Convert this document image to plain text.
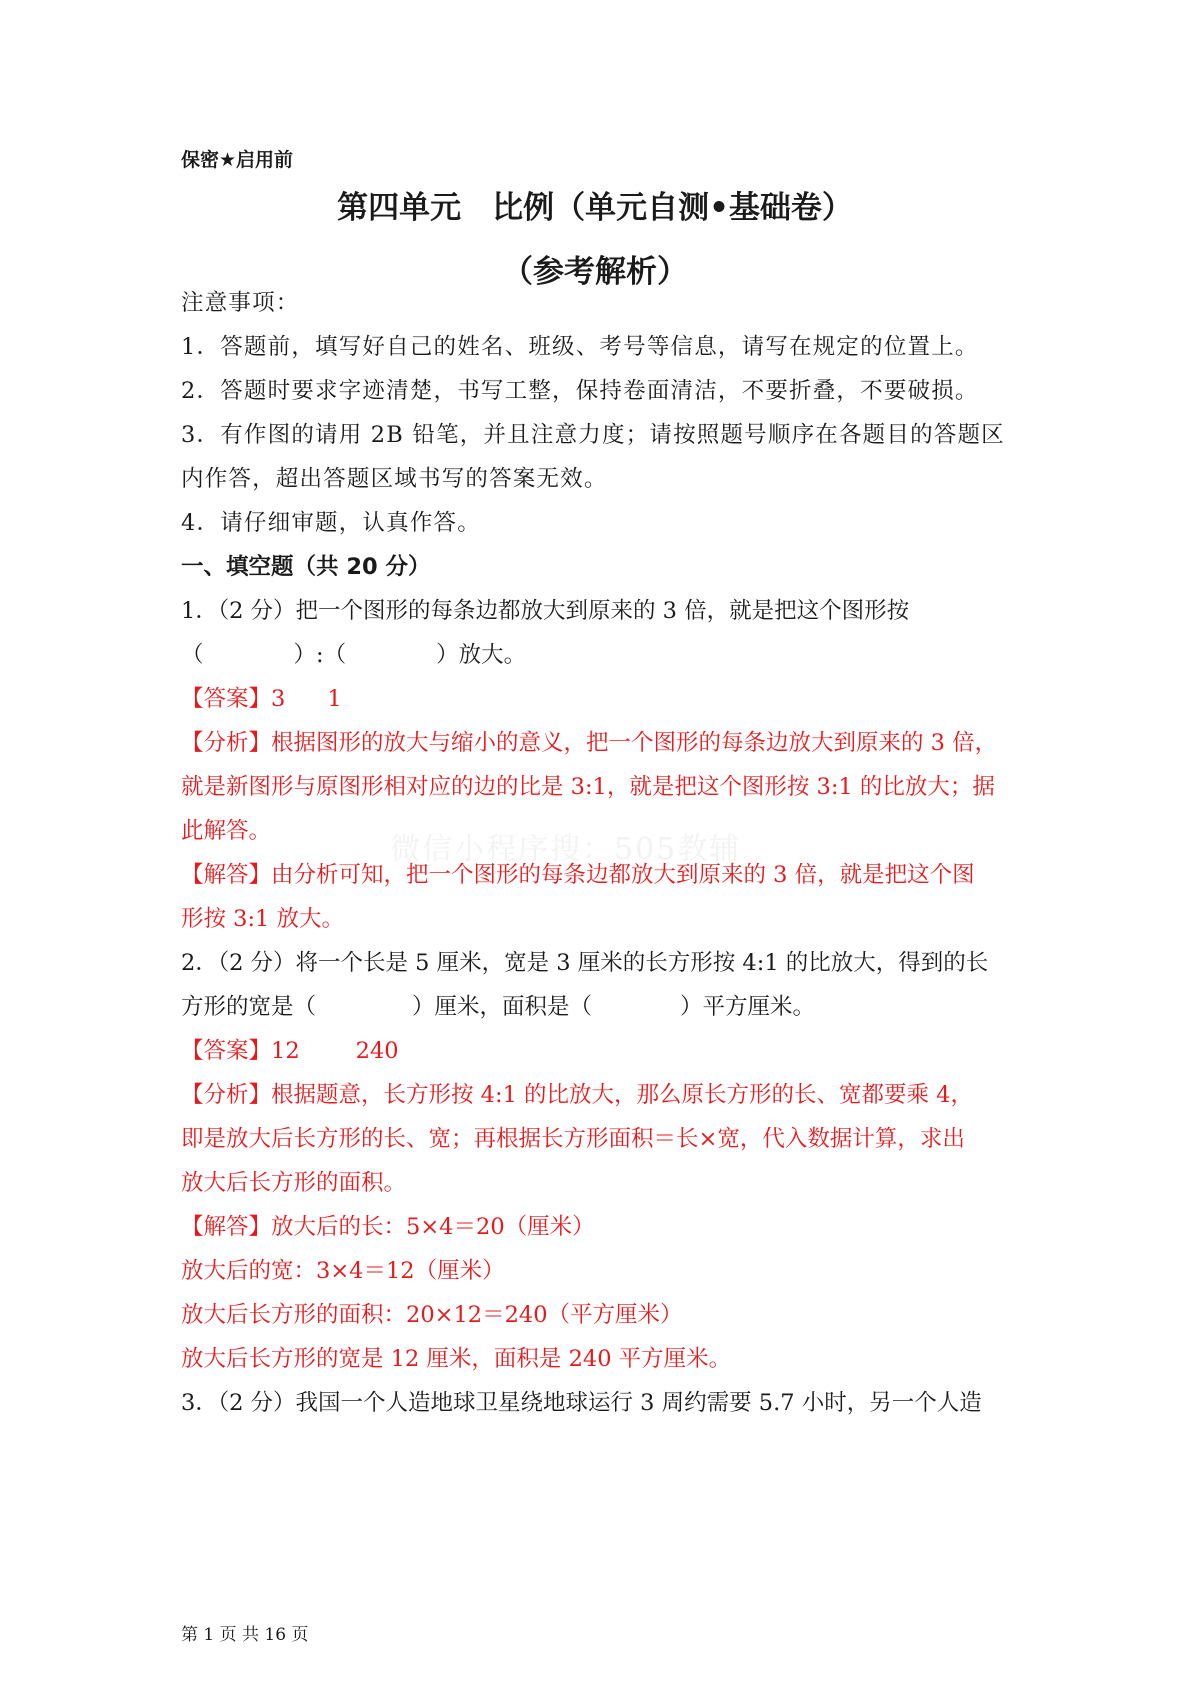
保密★启用前
第四单元　比例（单元自测•基础卷）
（参考解析）
注意事项：
1．答题前，填写好自己的姓名、班级、考号等信息，请写在规定的位置上。
2．答题时要求字迹清楚，书写工整，保持卷面清洁，不要折叠，不要破损。
3．有作图的请用 2B 铅笔，并且注意力度；请按照题号顺序在各题目的答题区
内作答，超出答题区域书写的答案无效。
4．请仔细审题，认真作答。
一、填空题（共 20 分）
1．（2 分）把一个图形的每条边都放大到原来的 3 倍，就是把这个图形按
（	）:（	）放大。
【答案】3 1
【分析】根据图形的放大与缩小的意义，把一个图形的每条边放大到原来的 3 倍，
就是新图形与原图形相对应的边的比是 3:1，就是把这个图形按 3:1 的比放大；据
此解答。
【解答】由分析可知，把一个图形的每条边都放大到原来的 3 倍，就是把这个图
形按 3:1 放大。
2．（2 分）将一个长是 5 厘米，宽是 3 厘米的长方形按 4:1 的比放大，得到的长
方形的宽是（	）厘米，面积是（	）平方厘米。
【答案】12 240
【分析】根据题意，长方形按 4:1 的比放大，那么原长方形的长、宽都要乘 4，
即是放大后长方形的长、宽；再根据长方形面积＝长×宽，代入数据计算，求出
放大后长方形的面积。
【解答】放大后的长：5×4＝20（厘米）
放大后的宽：3×4＝12（厘米）
放大后长方形的面积：20×12＝240（平方厘米）
放大后长方形的宽是 12 厘米，面积是 240 平方厘米。
3．（2 分）我国一个人造地球卫星绕地球运行 3 周约需要 5.7 小时，另一个人造
微信小程序搜：505教辅
第 1 页 共 16 页
